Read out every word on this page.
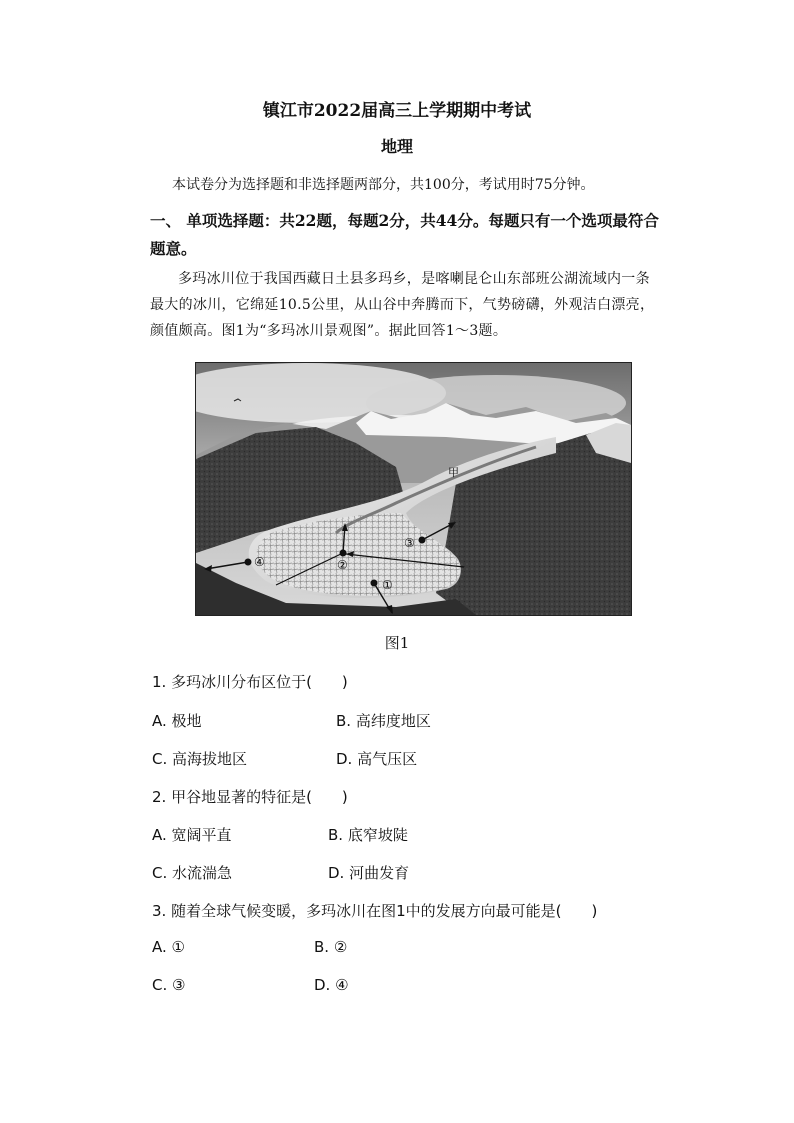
镇江市2022届高三上学期期中考试
地理
本试卷分为选择题和非选择题两部分，共100分，考试用时75分钟。
一、 单项选择题：共22题，每题2分，共44分。每题只有一个选项最符合题意。
多玛冰川位于我国西藏日土县多玛乡，是喀喇昆仑山东部班公湖流域内一条最大的冰川，它绵延10.5公里，从山谷中奔腾而下，气势磅礴，外观洁白漂亮，颜值颇高。图1为“多玛冰川景观图”。据此回答1～3题。
甲
①
②
③
④
图1
1. 多玛冰川分布区位于(　　)
A. 极地	B. 高纬度地区
C. 高海拔地区	D. 高气压区
2. 甲谷地显著的特征是(　　)
A. 宽阔平直	B. 底窄坡陡
C. 水流湍急	D. 河曲发育
3. 随着全球气候变暖，多玛冰川在图1中的发展方向最可能是(　　)
A. ①	B. ②
C. ③	D. ④
